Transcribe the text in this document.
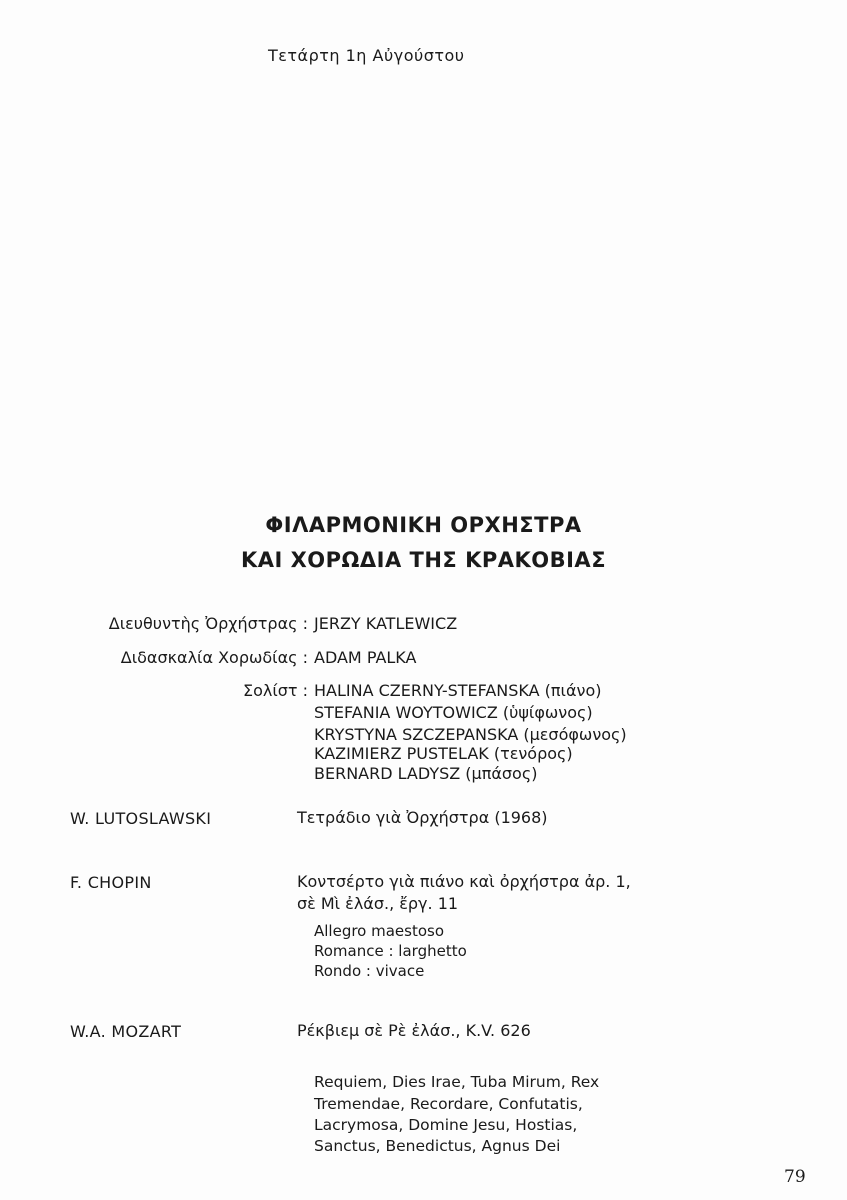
Τετάρτη 1η Αὐγούστου
ΦΙΛΑΡΜΟΝΙΚΗ ΟΡΧΗΣΤΡΑ
ΚΑΙ ΧΟΡΩΔΙΑ ΤΗΣ ΚΡΑΚΟΒΙΑΣ
Διευθυντὴς Ὀρχήστρας : JERZY KATLEWICZ
Διδασκαλία Χορωδίας : ADAM PALKA
Σολίστ : HALINA CZERNY-STEFANSKA (πιάνο)
STEFANIA WOYTOWICZ (ὑψίφωνος)
KRYSTYNA SZCZEPANSKA (μεσόφωνος)
KAZIMIERZ PUSTELAK (τενόρος)
BERNARD LADYSZ (μπάσος)
W. LUTOSLAWSKI	Τετράδιο γιὰ Ὀρχήστρα (1968)
F. CHOPIN	Κοντσέρτο γιὰ πιάνο καὶ ὀρχήστρα ἀρ. 1,
σὲ Μὶ ἐλάσ., ἔργ. 11
Allegro maestoso
Romance : larghetto
Rondo : vivace
W.A. MOZART	Ρέκβιεμ σὲ Ρὲ ἐλάσ., K.V. 626
Requiem, Dies Irae, Tuba Mirum, Rex
Tremendae, Recordare, Confutatis,
Lacrymosa, Domine Jesu, Hostias,
Sanctus, Benedictus, Agnus Dei
79
